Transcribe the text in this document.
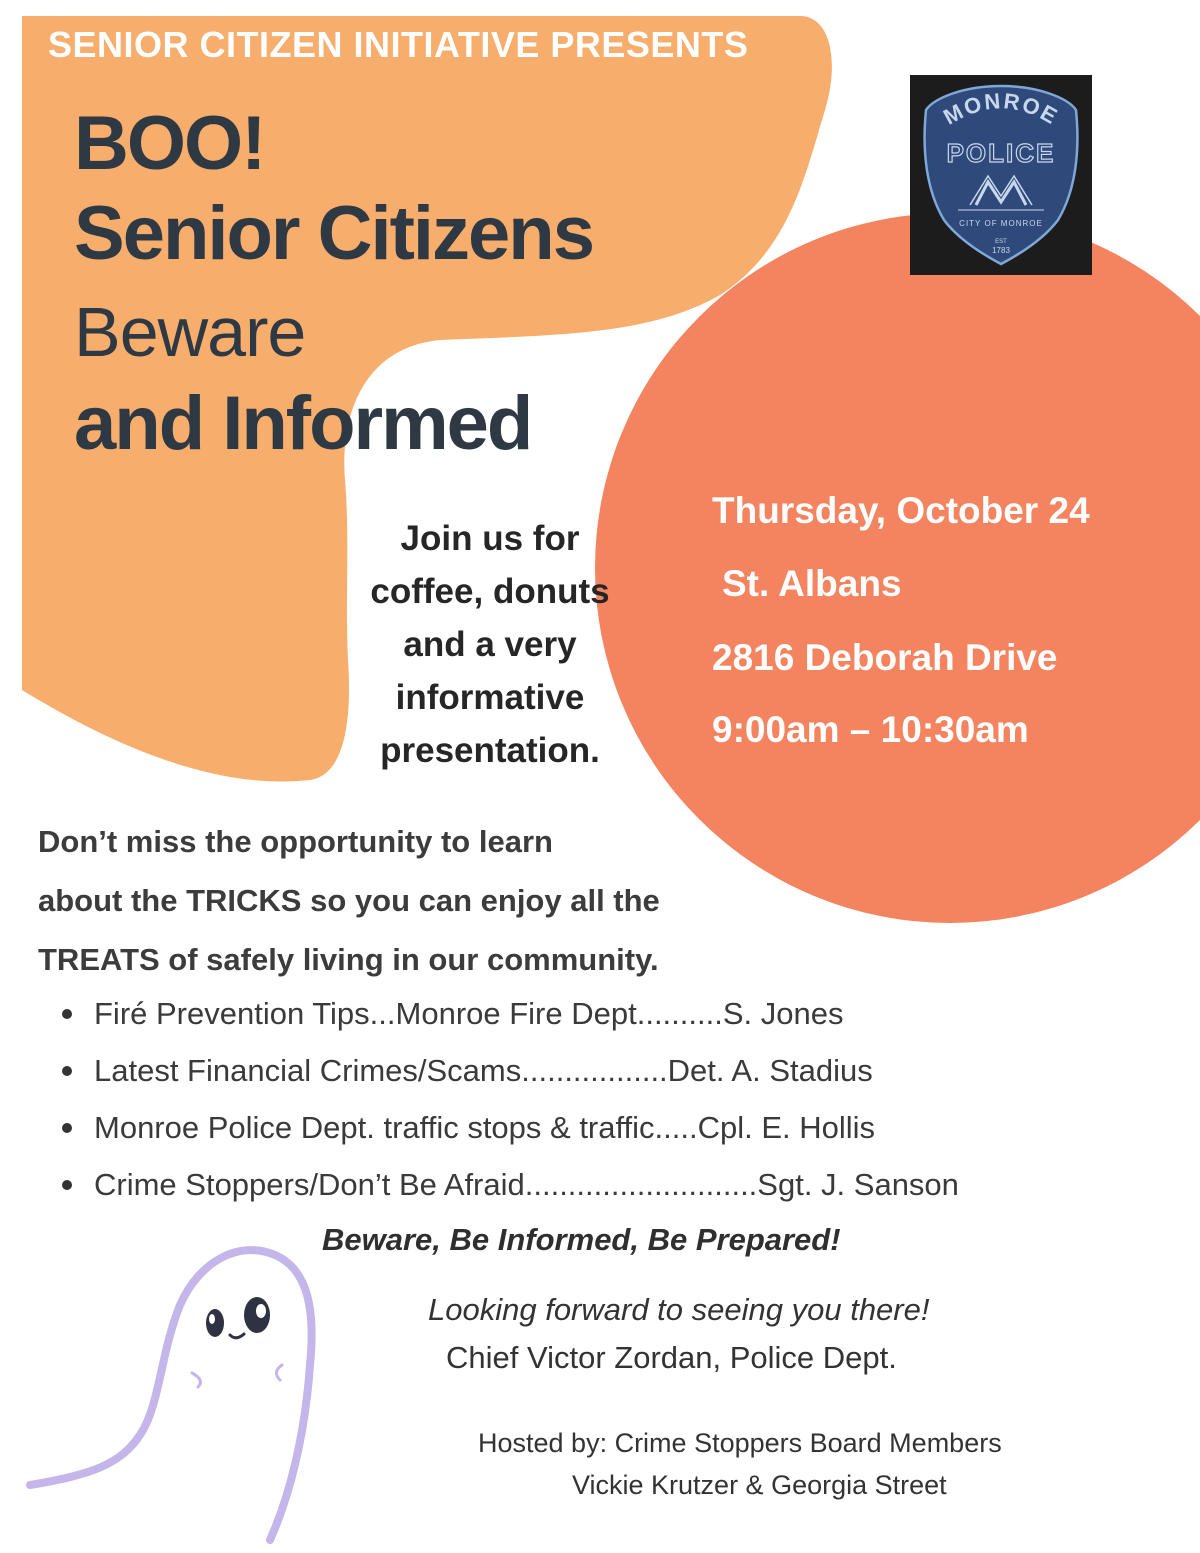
SENIOR CITIZEN INITIATIVE PRESENTS
BOO!
Senior Citizens
Beware
and Informed
MONROE
POLICE
CITY OF MONROE
EST
1783
Join us for
coffee, donuts
and a very
informative
presentation.
Thursday, October 24
St. Albans
2816 Deborah Drive
9:00am – 10:30am
Don’t miss the opportunity to learn
about the TRICKS so you can enjoy all the
TREATS of safely living in our community.
Firé Prevention Tips...Monroe Fire Dept..........S. Jones
Latest Financial Crimes/Scams.................Det. A. Stadius
Monroe Police Dept. traffic stops & traffic.....Cpl. E. Hollis
Crime Stoppers/Don’t Be Afraid...........................Sgt. J. Sanson
Beware, Be Informed, Be Prepared!
Looking forward to seeing you there!
Chief Victor Zordan, Police Dept.
Hosted by: Crime Stoppers Board Members
Vickie Krutzer & Georgia Street
